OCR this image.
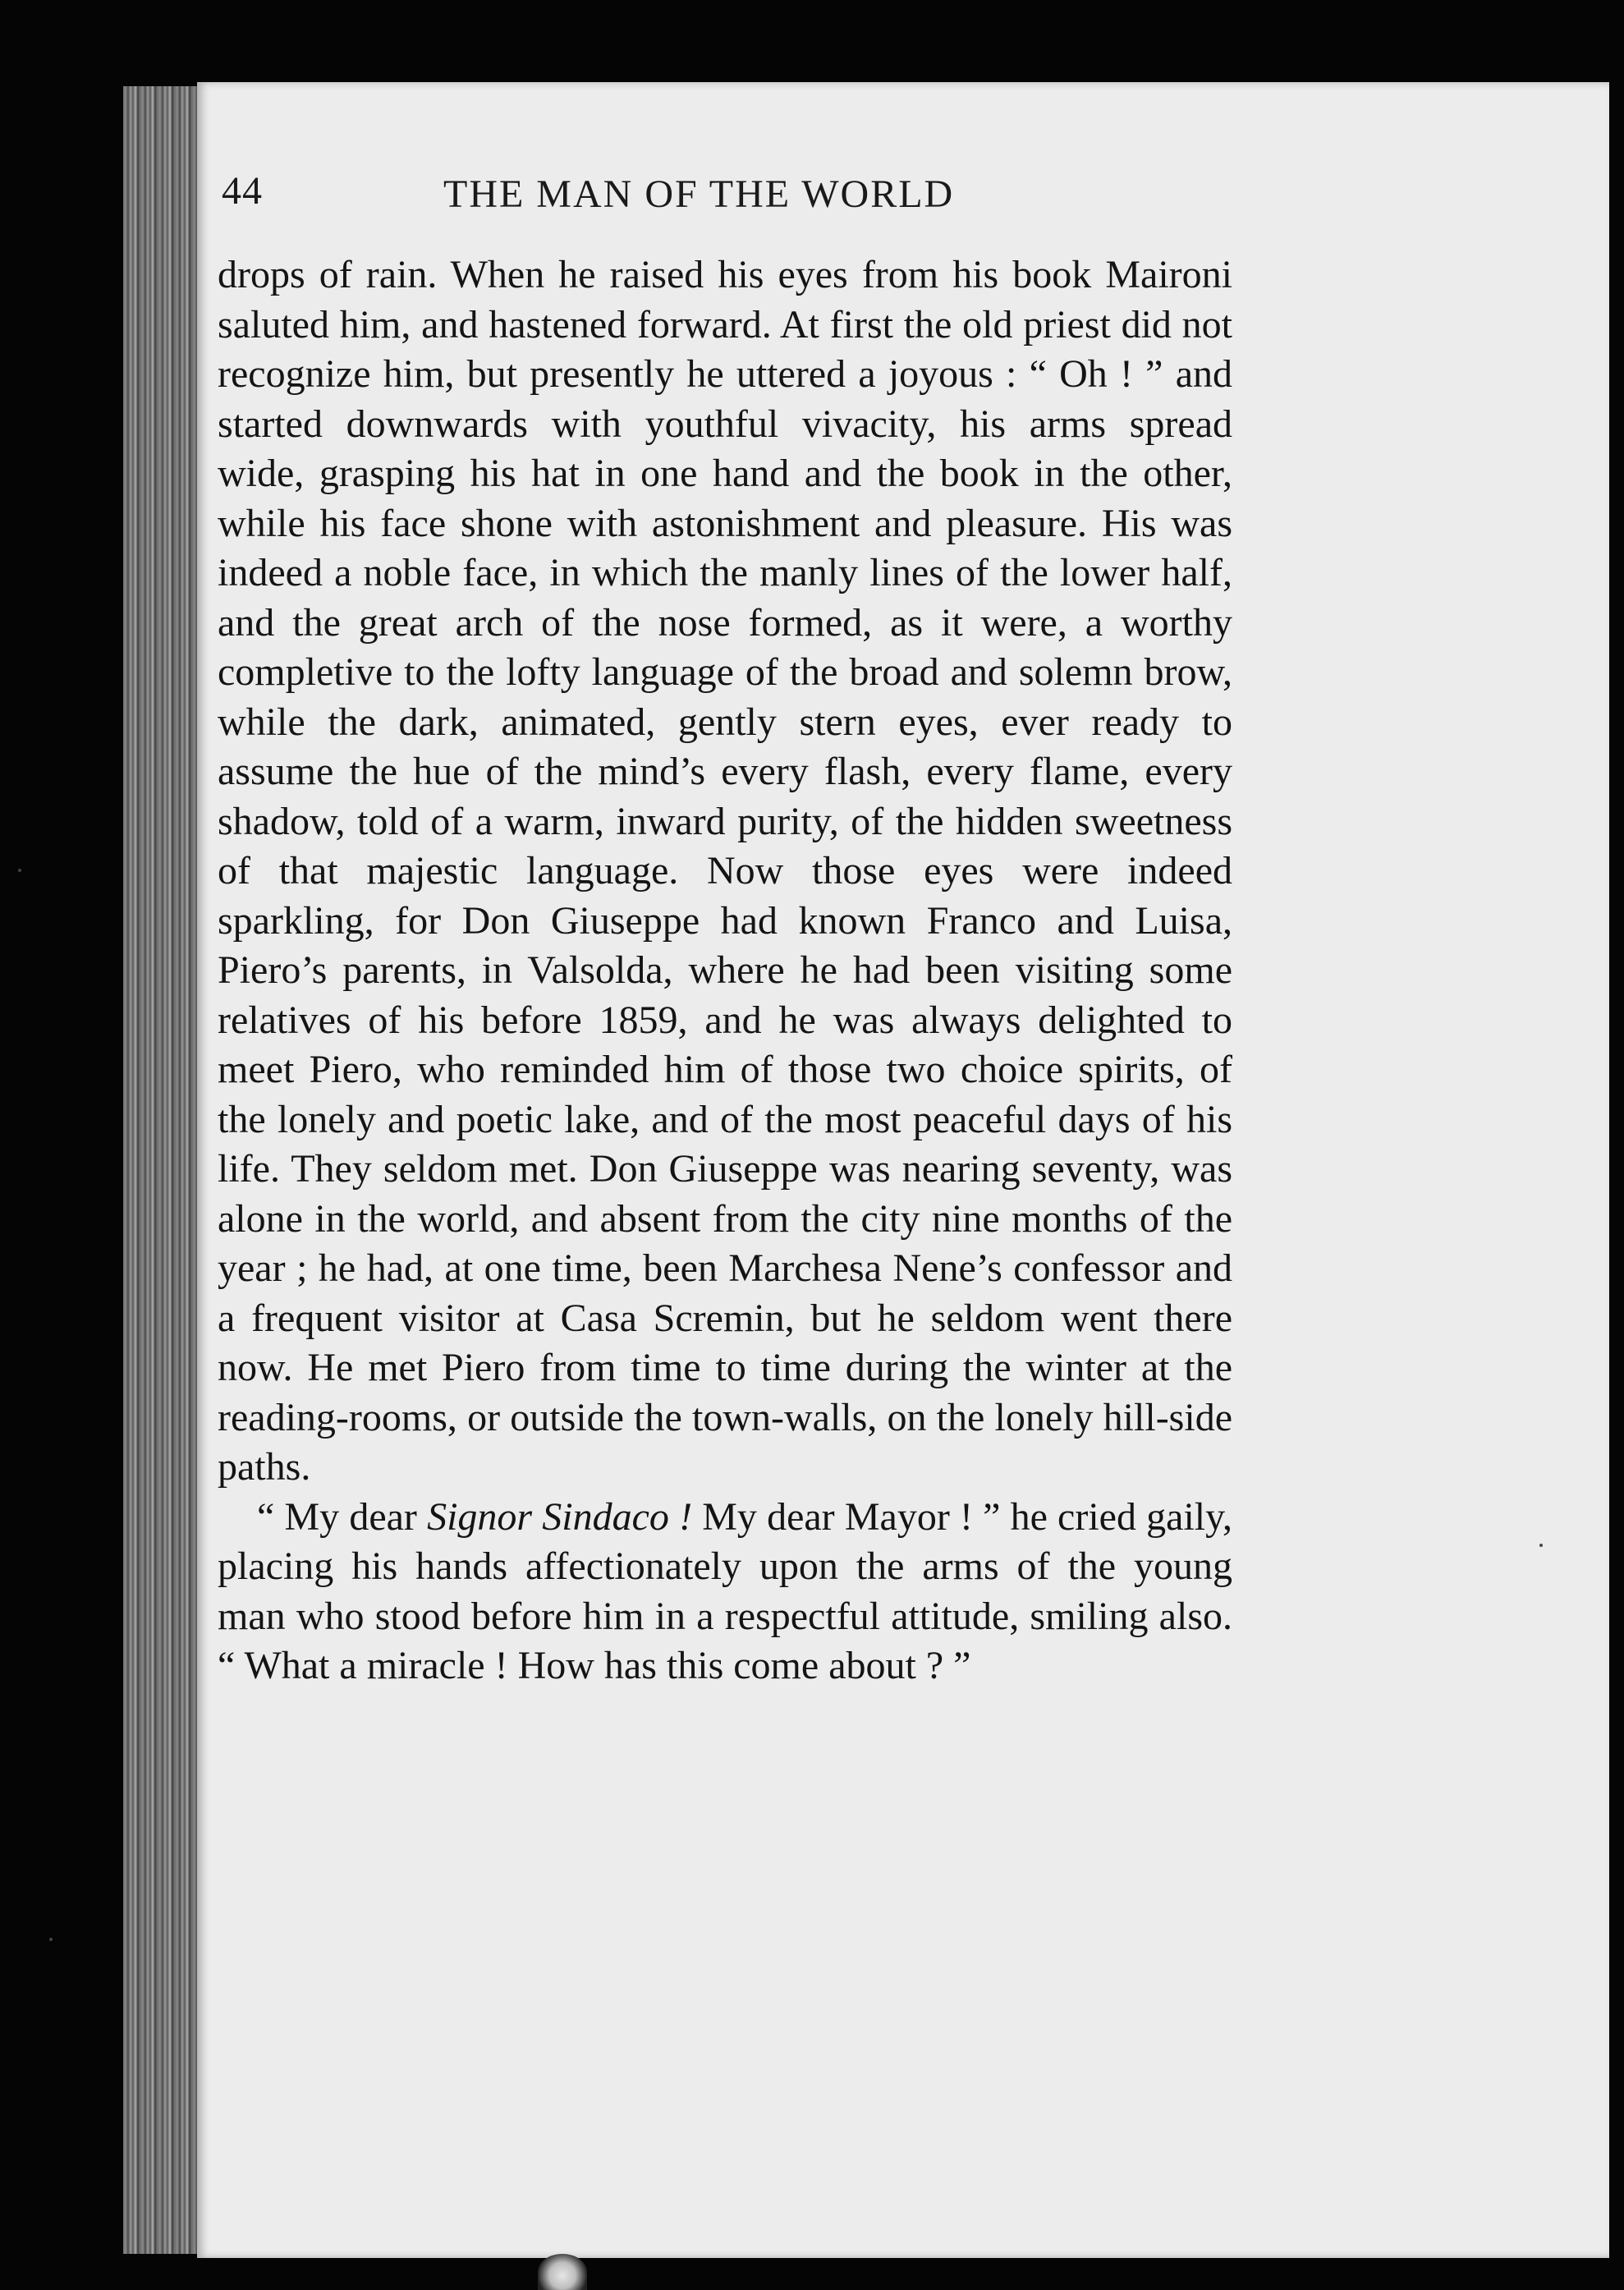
44	THE MAN OF THE WORLD

drops of rain. When he raised his eyes from his book Maironi saluted him, and hastened forward. At first the old priest did not recognize him, but presently he uttered a joyous : “ Oh ! ” and started downwards with youthful vivacity, his arms spread wide, grasping his hat in one hand and the book in the other, while his face shone with astonishment and pleasure. His was indeed a noble face, in which the manly lines of the lower half, and the great arch of the nose formed, as it were, a worthy completive to the lofty language of the broad and solemn brow, while the dark, animated, gently stern eyes, ever ready to assume the hue of the mind’s every flash, every flame, every shadow, told of a warm, inward purity, of the hidden sweetness of that majestic language. Now those eyes were indeed sparkling, for Don Giuseppe had known Franco and Luisa, Piero’s parents, in Valsolda, where he had been visiting some relatives of his before 1859, and he was always delighted to meet Piero, who reminded him of those two choice spirits, of the lonely and poetic lake, and of the most peaceful days of his life. They seldom met. Don Giuseppe was nearing seventy, was alone in the world, and absent from the city nine months of the year ; he had, at one time, been Marchesa Nene’s confessor and a frequent visitor at Casa Scremin, but he seldom went there now. He met Piero from time to time during the winter at the reading-rooms, or outside the town-walls, on the lonely hill-side paths.

“ My dear Signor Sindaco ! My dear Mayor ! ” he cried gaily, placing his hands affectionately upon the arms of the young man who stood before him in a respectful attitude, smiling also. “ What a miracle ! How has this come about ? ”
